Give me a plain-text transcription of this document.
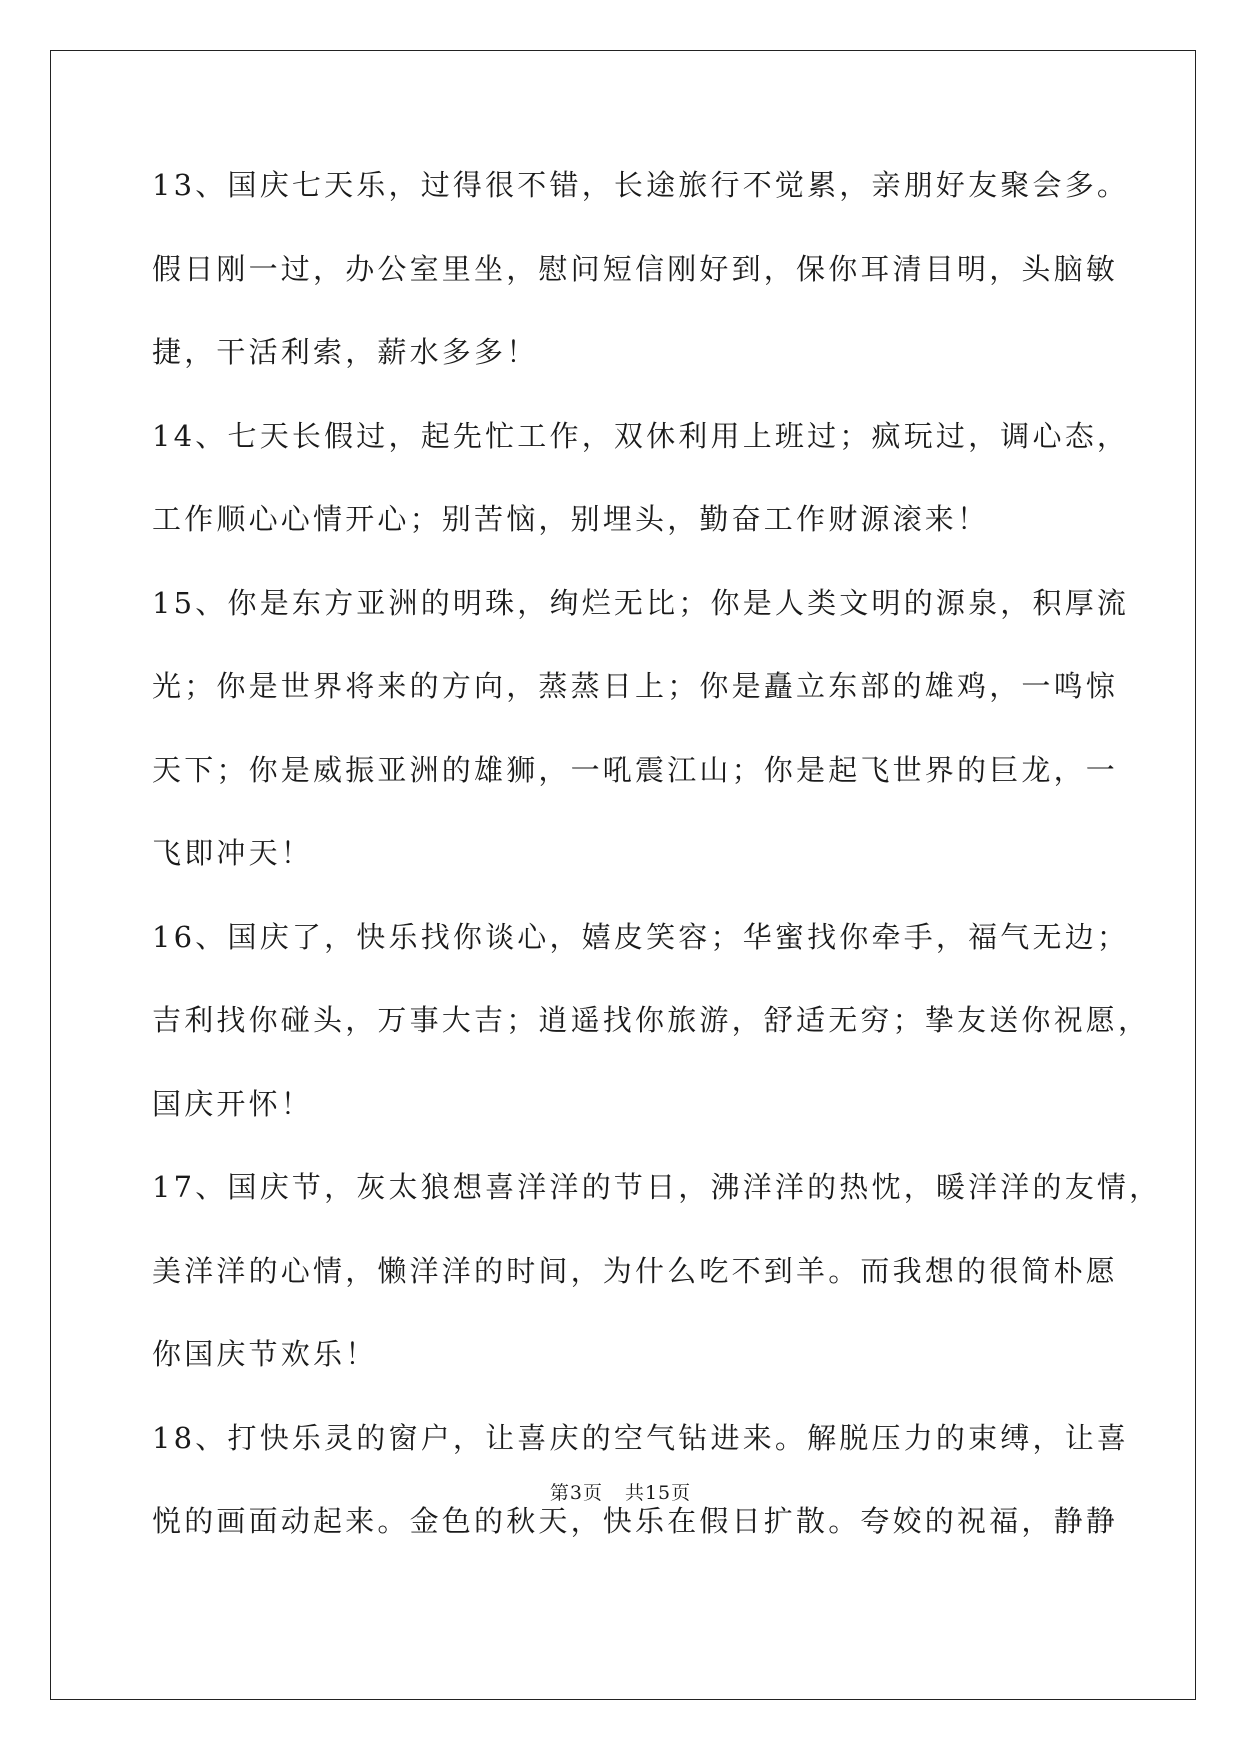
13、国庆七天乐，过得很不错，长途旅行不觉累，亲朋好友聚会多。
假日刚一过，办公室里坐，慰问短信刚好到，保你耳清目明，头脑敏
捷，干活利索，薪水多多！
14、七天长假过，起先忙工作，双休利用上班过；疯玩过，调心态，
工作顺心心情开心；别苦恼，别埋头，勤奋工作财源滚来！
15、你是东方亚洲的明珠，绚烂无比；你是人类文明的源泉，积厚流
光；你是世界将来的方向，蒸蒸日上；你是矗立东部的雄鸡，一鸣惊
天下；你是威振亚洲的雄狮，一吼震江山；你是起飞世界的巨龙，一
飞即冲天！
16、国庆了，快乐找你谈心，嬉皮笑容；华蜜找你牵手，福气无边；
吉利找你碰头，万事大吉；逍遥找你旅游，舒适无穷；挚友送你祝愿，
国庆开怀！
17、国庆节，灰太狼想喜洋洋的节日，沸洋洋的热忱，暖洋洋的友情，
美洋洋的心情，懒洋洋的时间，为什么吃不到羊。而我想的很简朴愿
你国庆节欢乐！
18、打快乐灵的窗户，让喜庆的空气钻进来。解脱压力的束缚，让喜
悦的画面动起来。金色的秋天，快乐在假日扩散。夸姣的祝福，静静
第3页 共15页
